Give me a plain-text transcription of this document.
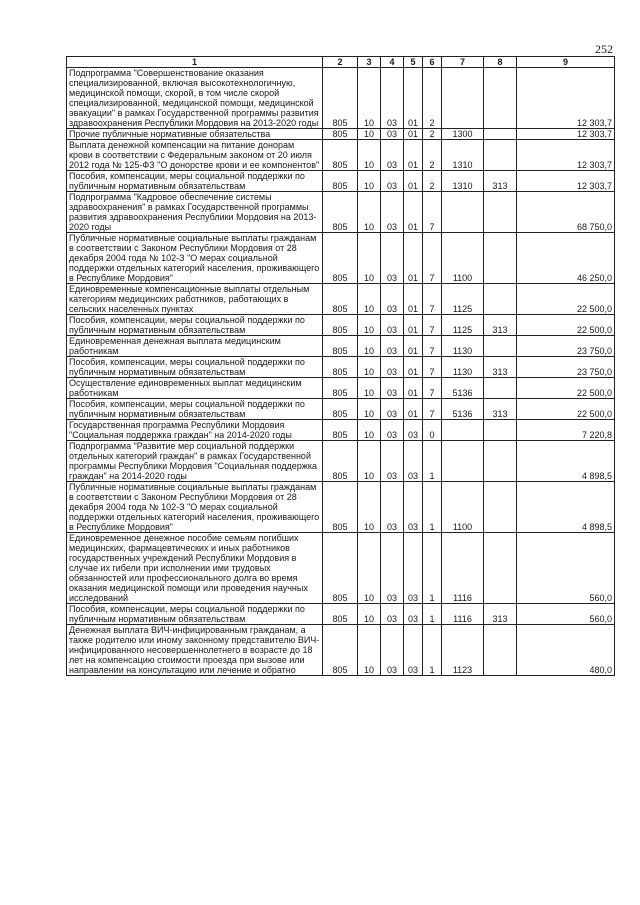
252
1	2	3	4	5	6	7	8	9
Подпрограмма "Совершенствование оказания специализированной, включая высокотехнологичную, медицинской помощи, скорой, в том числе скорой специализированной, медицинской помощи, медицинской эвакуации" в рамках Государственной программы развития здравоохранения Республики Мордовия на 2013-2020 годы	805	10	03	01	2			12 303,7
Прочие публичные нормативные обязательства	805	10	03	01	2	1300		12 303,7
Выплата денежной компенсации на питание донорам крови в соответствии с Федеральным законом от 20 июля 2012 года № 125-ФЗ "О донорстве крови и ее компонентов"	805	10	03	01	2	1310		12 303,7
Пособия, компенсации, меры социальной поддержки по публичным нормативным обязательствам	805	10	03	01	2	1310	313	12 303,7
Подпрограмма "Кадровое обеспечение системы здравоохранения" в рамках Государственной программы развития здравоохранения Республики Мордовия на 2013-2020 годы	805	10	03	01	7			68 750,0
Публичные нормативные социальные выплаты гражданам в соответствии с Законом Республики Мордовия от 28 декабря 2004 года № 102-З "О мерах социальной поддержки отдельных категорий населения, проживающего в Республике Мордовия"	805	10	03	01	7	1100		46 250,0
Единовременные компенсационные выплаты отдельным категориям медицинских работников, работающих в сельских населенных пунктах	805	10	03	01	7	1125		22 500,0
Пособия, компенсации, меры социальной поддержки по публичным нормативным обязательствам	805	10	03	01	7	1125	313	22 500,0
Единовременная денежная выплата медицинским работникам	805	10	03	01	7	1130		23 750,0
Пособия, компенсации, меры социальной поддержки по публичным нормативным обязательствам	805	10	03	01	7	1130	313	23 750,0
Осуществление единовременных выплат медицинским работникам	805	10	03	01	7	5136		22 500,0
Пособия, компенсации, меры социальной поддержки по публичным нормативным обязательствам	805	10	03	01	7	5136	313	22 500,0
Государственная программа Республики Мордовия "Социальная поддержка граждан" на 2014-2020 годы	805	10	03	03	0			7 220,8
Подпрограмма "Развитие мер социальной поддержки отдельных категорий граждан" в рамках Государственной программы Республики Мордовия "Социальная поддержка граждан" на 2014-2020 годы	805	10	03	03	1			4 898,5
Публичные нормативные социальные выплаты гражданам в соответствии с Законом Республики Мордовия от 28 декабря 2004 года № 102-З "О мерах социальной поддержки отдельных категорий населения, проживающего в Республике Мордовия"	805	10	03	03	1	1100		4 898,5
Единовременное денежное пособие семьям погибших медицинских, фармацевтических и иных работников государственных учреждений Республики Мордовия в случае их гибели при исполнении ими трудовых обязанностей или профессионального долга во время оказания медицинской помощи или проведения научных исследований	805	10	03	03	1	1116		560,0
Пособия, компенсации, меры социальной поддержки по публичным нормативным обязательствам	805	10	03	03	1	1116	313	560,0
Денежная выплата ВИЧ-инфицированным гражданам, а также родителю или иному законному представителю ВИЧ-инфицированного несовершеннолетнего в возрасте до 18 лет на компенсацию стоимости проезда при вызове или направлении на консультацию или лечение и обратно	805	10	03	03	1	1123		480,0
